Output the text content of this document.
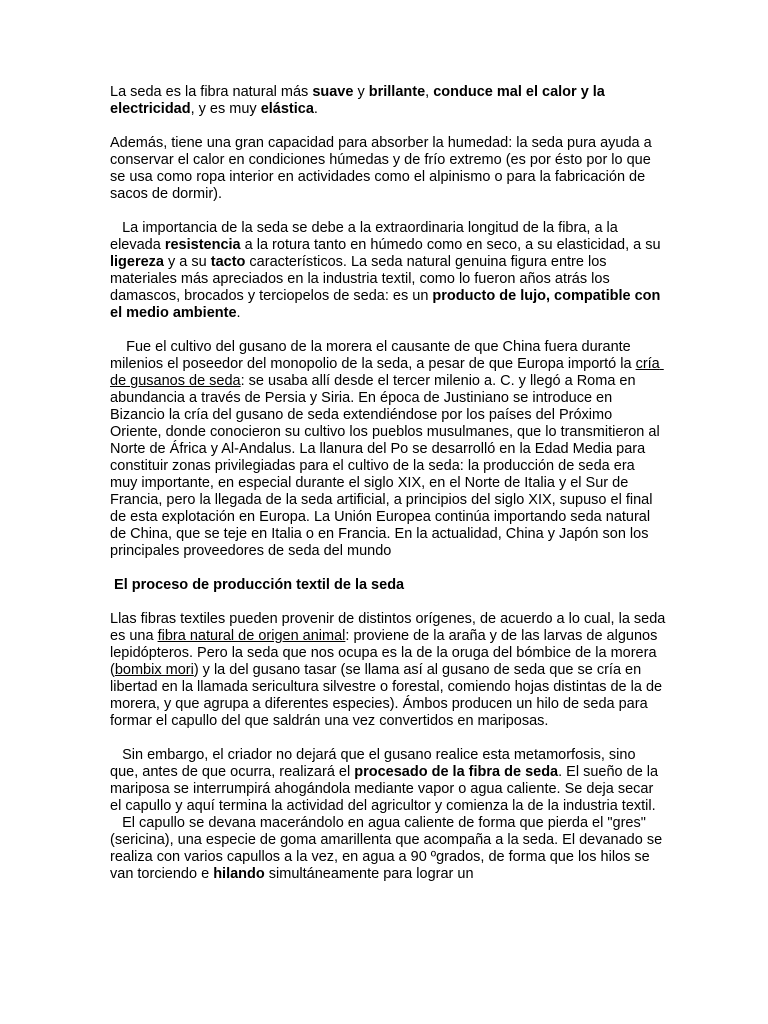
La seda es la fibra natural más suave y brillante, conduce mal el calor y la electricidad, y es muy elástica.

Además, tiene una gran capacidad para absorber la humedad: la seda pura ayuda a conservar el calor en condiciones húmedas y de frío extremo (es por ésto por lo que se usa como ropa interior en actividades como el alpinismo o para la fabricación de sacos de dormir).

La importancia de la seda se debe a la extraordinaria longitud de la fibra, a la elevada resistencia a la rotura tanto en húmedo como en seco, a su elasticidad, a su ligereza y a su tacto característicos. La seda natural genuina figura entre los materiales más apreciados en la industria textil, como lo fueron años atrás los damascos, brocados y terciopelos de seda: es un producto de lujo, compatible con el medio ambiente.

Fue el cultivo del gusano de la morera el causante de que China fuera durante milenios el poseedor del monopolio de la seda, a pesar de que Europa importó la cría de gusanos de seda: se usaba allí desde el tercer milenio a. C. y llegó a Roma en abundancia a través de Persia y Siria. En época de Justiniano se introduce en Bizancio la cría del gusano de seda extendiéndose por los países del Próximo Oriente, donde conocieron su cultivo los pueblos musulmanes, que lo transmitieron al Norte de África y Al-Andalus. La llanura del Po se desarrolló en la Edad Media para constituir zonas privilegiadas para el cultivo de la seda: la producción de seda era muy importante, en especial durante el siglo XIX, en el Norte de Italia y el Sur de Francia, pero la llegada de la seda artificial, a principios del siglo XIX, supuso el final de esta explotación en Europa. La Unión Europea continúa importando seda natural de China, que se teje en Italia o en Francia. En la actualidad, China y Japón son los principales proveedores de seda del mundo

El proceso de producción textil de la seda

Llas fibras textiles pueden provenir de distintos orígenes, de acuerdo a lo cual, la seda es una fibra natural de origen animal: proviene de la araña y de las larvas de algunos lepidópteros. Pero la seda que nos ocupa es la de la oruga del bómbice de la morera (bombix mori) y la del gusano tasar (se llama así al gusano de seda que se cría en libertad en la llamada sericultura silvestre o forestal, comiendo hojas distintas de la de morera, y que agrupa a diferentes especies). Ámbos producen un hilo de seda para formar el capullo del que saldrán una vez convertidos en mariposas.

Sin embargo, el criador no dejará que el gusano realice esta metamorfosis, sino que, antes de que ocurra, realizará el procesado de la fibra de seda. El sueño de la mariposa se interrumpirá ahogándola mediante vapor o agua caliente. Se deja secar el capullo y aquí termina la actividad del agricultor y comienza la de la industria textil.

El capullo se devana macerándolo en agua caliente de forma que pierda el "gres" (sericina), una especie de goma amarillenta que acompaña a la seda. El devanado se realiza con varios capullos a la vez, en agua a 90 ºgrados, de forma que los hilos se van torciendo e hilando simultáneamente para lograr un
